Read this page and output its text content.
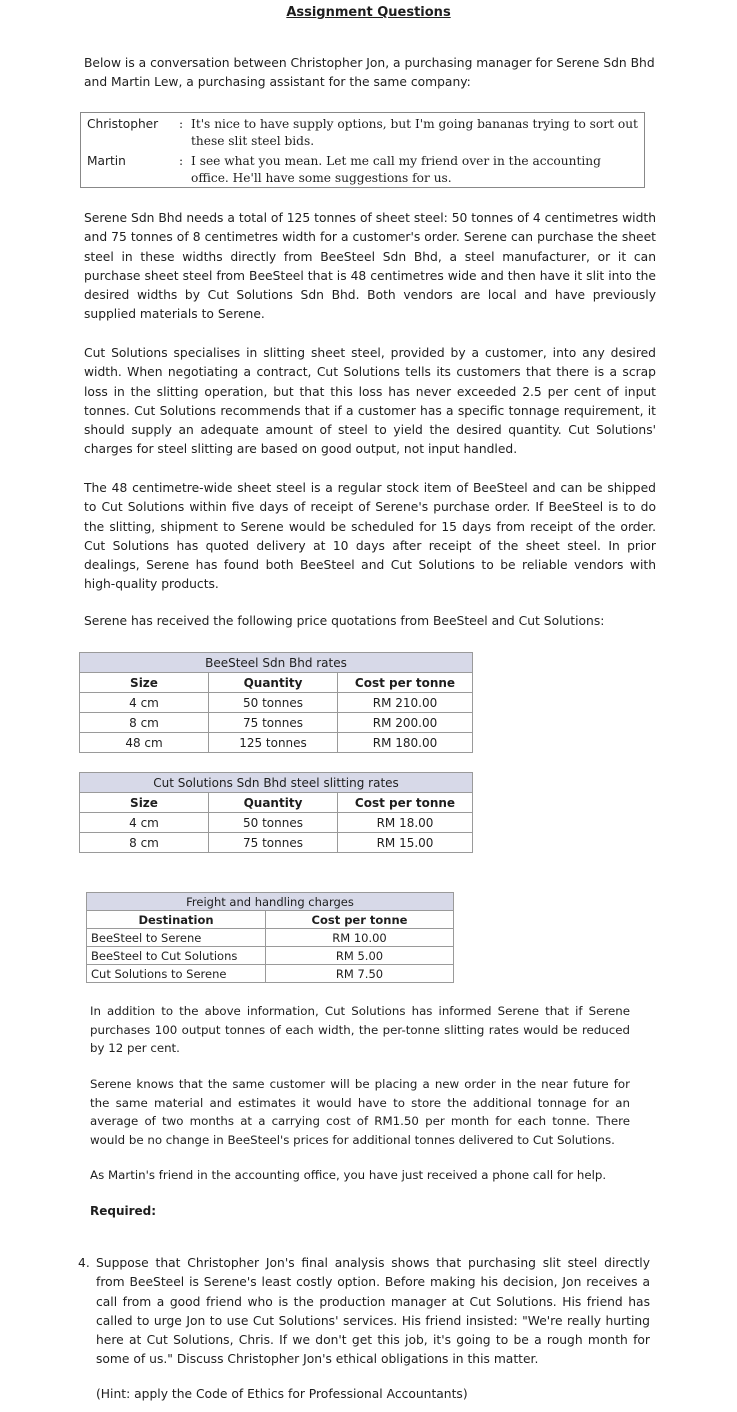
Assignment Questions

Below is a conversation between Christopher Jon, a purchasing manager for Serene Sdn Bhd and Martin Lew, a purchasing assistant for the same company:

Christopher	: It's nice to have supply options, but I'm going bananas trying to sort out these slit steel bids.
Martin	: I see what you mean. Let me call my friend over in the accounting office. He'll have some suggestions for us.

Serene Sdn Bhd needs a total of 125 tonnes of sheet steel: 50 tonnes of 4 centimetres width and 75 tonnes of 8 centimetres width for a customer's order. Serene can purchase the sheet steel in these widths directly from BeeSteel Sdn Bhd, a steel manufacturer, or it can purchase sheet steel from BeeSteel that is 48 centimetres wide and then have it slit into the desired widths by Cut Solutions Sdn Bhd. Both vendors are local and have previously supplied materials to Serene.

Cut Solutions specialises in slitting sheet steel, provided by a customer, into any desired width. When negotiating a contract, Cut Solutions tells its customers that there is a scrap loss in the slitting operation, but that this loss has never exceeded 2.5 per cent of input tonnes. Cut Solutions recommends that if a customer has a specific tonnage requirement, it should supply an adequate amount of steel to yield the desired quantity. Cut Solutions' charges for steel slitting are based on good output, not input handled.

The 48 centimetre-wide sheet steel is a regular stock item of BeeSteel and can be shipped to Cut Solutions within five days of receipt of Serene's purchase order. If BeeSteel is to do the slitting, shipment to Serene would be scheduled for 15 days from receipt of the order. Cut Solutions has quoted delivery at 10 days after receipt of the sheet steel. In prior dealings, Serene has found both BeeSteel and Cut Solutions to be reliable vendors with high-quality products.

Serene has received the following price quotations from BeeSteel and Cut Solutions:

BeeSteel Sdn Bhd rates		
Size	Quantity	Cost per tonne
4 cm	50 tonnes	RM 210.00
8 cm	75 tonnes	RM 200.00
48 cm	125 tonnes	RM 180.00
Cut Solutions Sdn Bhd steel slitting rates		
Size	Quantity	Cost per tonne
4 cm	50 tonnes	RM 18.00
8 cm	75 tonnes	RM 15.00
Freight and handling charges	
Destination	Cost per tonne
BeeSteel to Serene	RM 10.00
BeeSteel to Cut Solutions	RM 5.00
Cut Solutions to Serene	RM 7.50

In addition to the above information, Cut Solutions has informed Serene that if Serene purchases 100 output tonnes of each width, the per-tonne slitting rates would be reduced by 12 per cent.

Serene knows that the same customer will be placing a new order in the near future for the same material and estimates it would have to store the additional tonnage for an average of two months at a carrying cost of RM1.50 per month for each tonne. There would be no change in BeeSteel's prices for additional tonnes delivered to Cut Solutions.

As Martin's friend in the accounting office, you have just received a phone call for help.

Required:
4. Suppose that Christopher Jon's final analysis shows that purchasing slit steel directly from BeeSteel is Serene's least costly option. Before making his decision, Jon receives a call from a good friend who is the production manager at Cut Solutions. His friend has called to urge Jon to use Cut Solutions' services. His friend insisted: "We're really hurting here at Cut Solutions, Chris. If we don't get this job, it's going to be a rough month for some of us." Discuss Christopher Jon's ethical obligations in this matter.

(Hint: apply the Code of Ethics for Professional Accountants)
